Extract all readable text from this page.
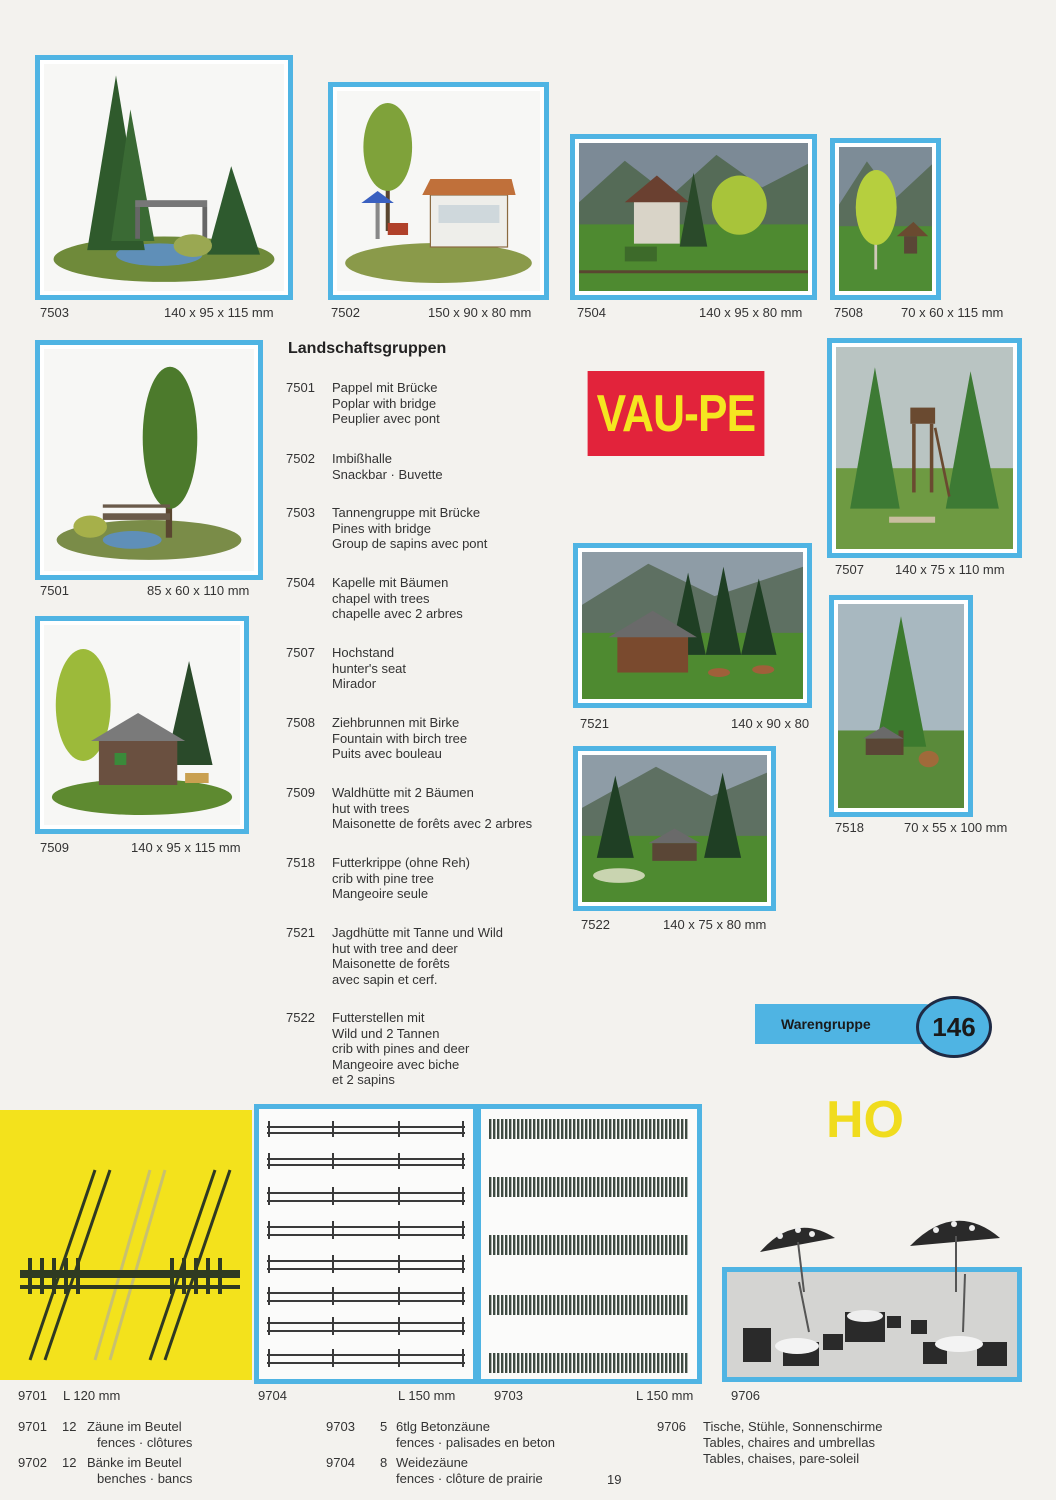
7503	140 x 95 x 115 mm	7502	150 x 90 x 80 mm	7504	140 x 95 x 80 mm 7508	70 x 60 x 115 mm
7501	85 x 60 x 110 mm
7507 140 x 75 x 110 mm
7509	140 x 95 x 115 mm
7521	140 x 90 x 80
7518	70 x 55 x 100 mm
7522	140 x 75 x 80 mm
Landschaftsgruppen
7501	Pappel mit Brücke
Poplar with bridge
Peuplier avec pont
7502	Imbißhalle
Snackbar · Buvette
7503	Tannengruppe mit Brücke
Pines with bridge
Group de sapins avec pont
7504	Kapelle mit Bäumen
chapel with trees
chapelle avec 2 arbres
7507	Hochstand
hunter's seat
Mirador
7508	Ziehbrunnen mit Birke
Fountain with birch tree
Puits avec bouleau
7509	Waldhütte mit 2 Bäumen
hut with trees
Maisonette de forêts avec 2 arbres
7518	Futterkrippe (ohne Reh)
crib with pine tree
Mangeoire seule
7521	Jagdhütte mit Tanne und Wild
hut with tree and deer
Maisonette de forêts
avec sapin et cerf.
7522	Futterstellen mit
Wild und 2 Tannen
crib with pines and deer
Mangeoire avec biche
et 2 sapins
VAU-PE
Warengruppe	146
HO
9701 L 120 mm	9704	L 150 mm	9703	L 150 mm	9706
9701 12 Zäune im Beutel
fences · clôtures
9702 12 Bänke im Beutel
benches · bancs
9703 5 6tlg Betonzäune
fences · palisades en beton
9704 8 Weidezäune
fences · clôture de prairie
9706 Tische, Stühle, Sonnenschirme
Tables, chaires and umbrellas
Tables, chaises, pare-soleil
19
